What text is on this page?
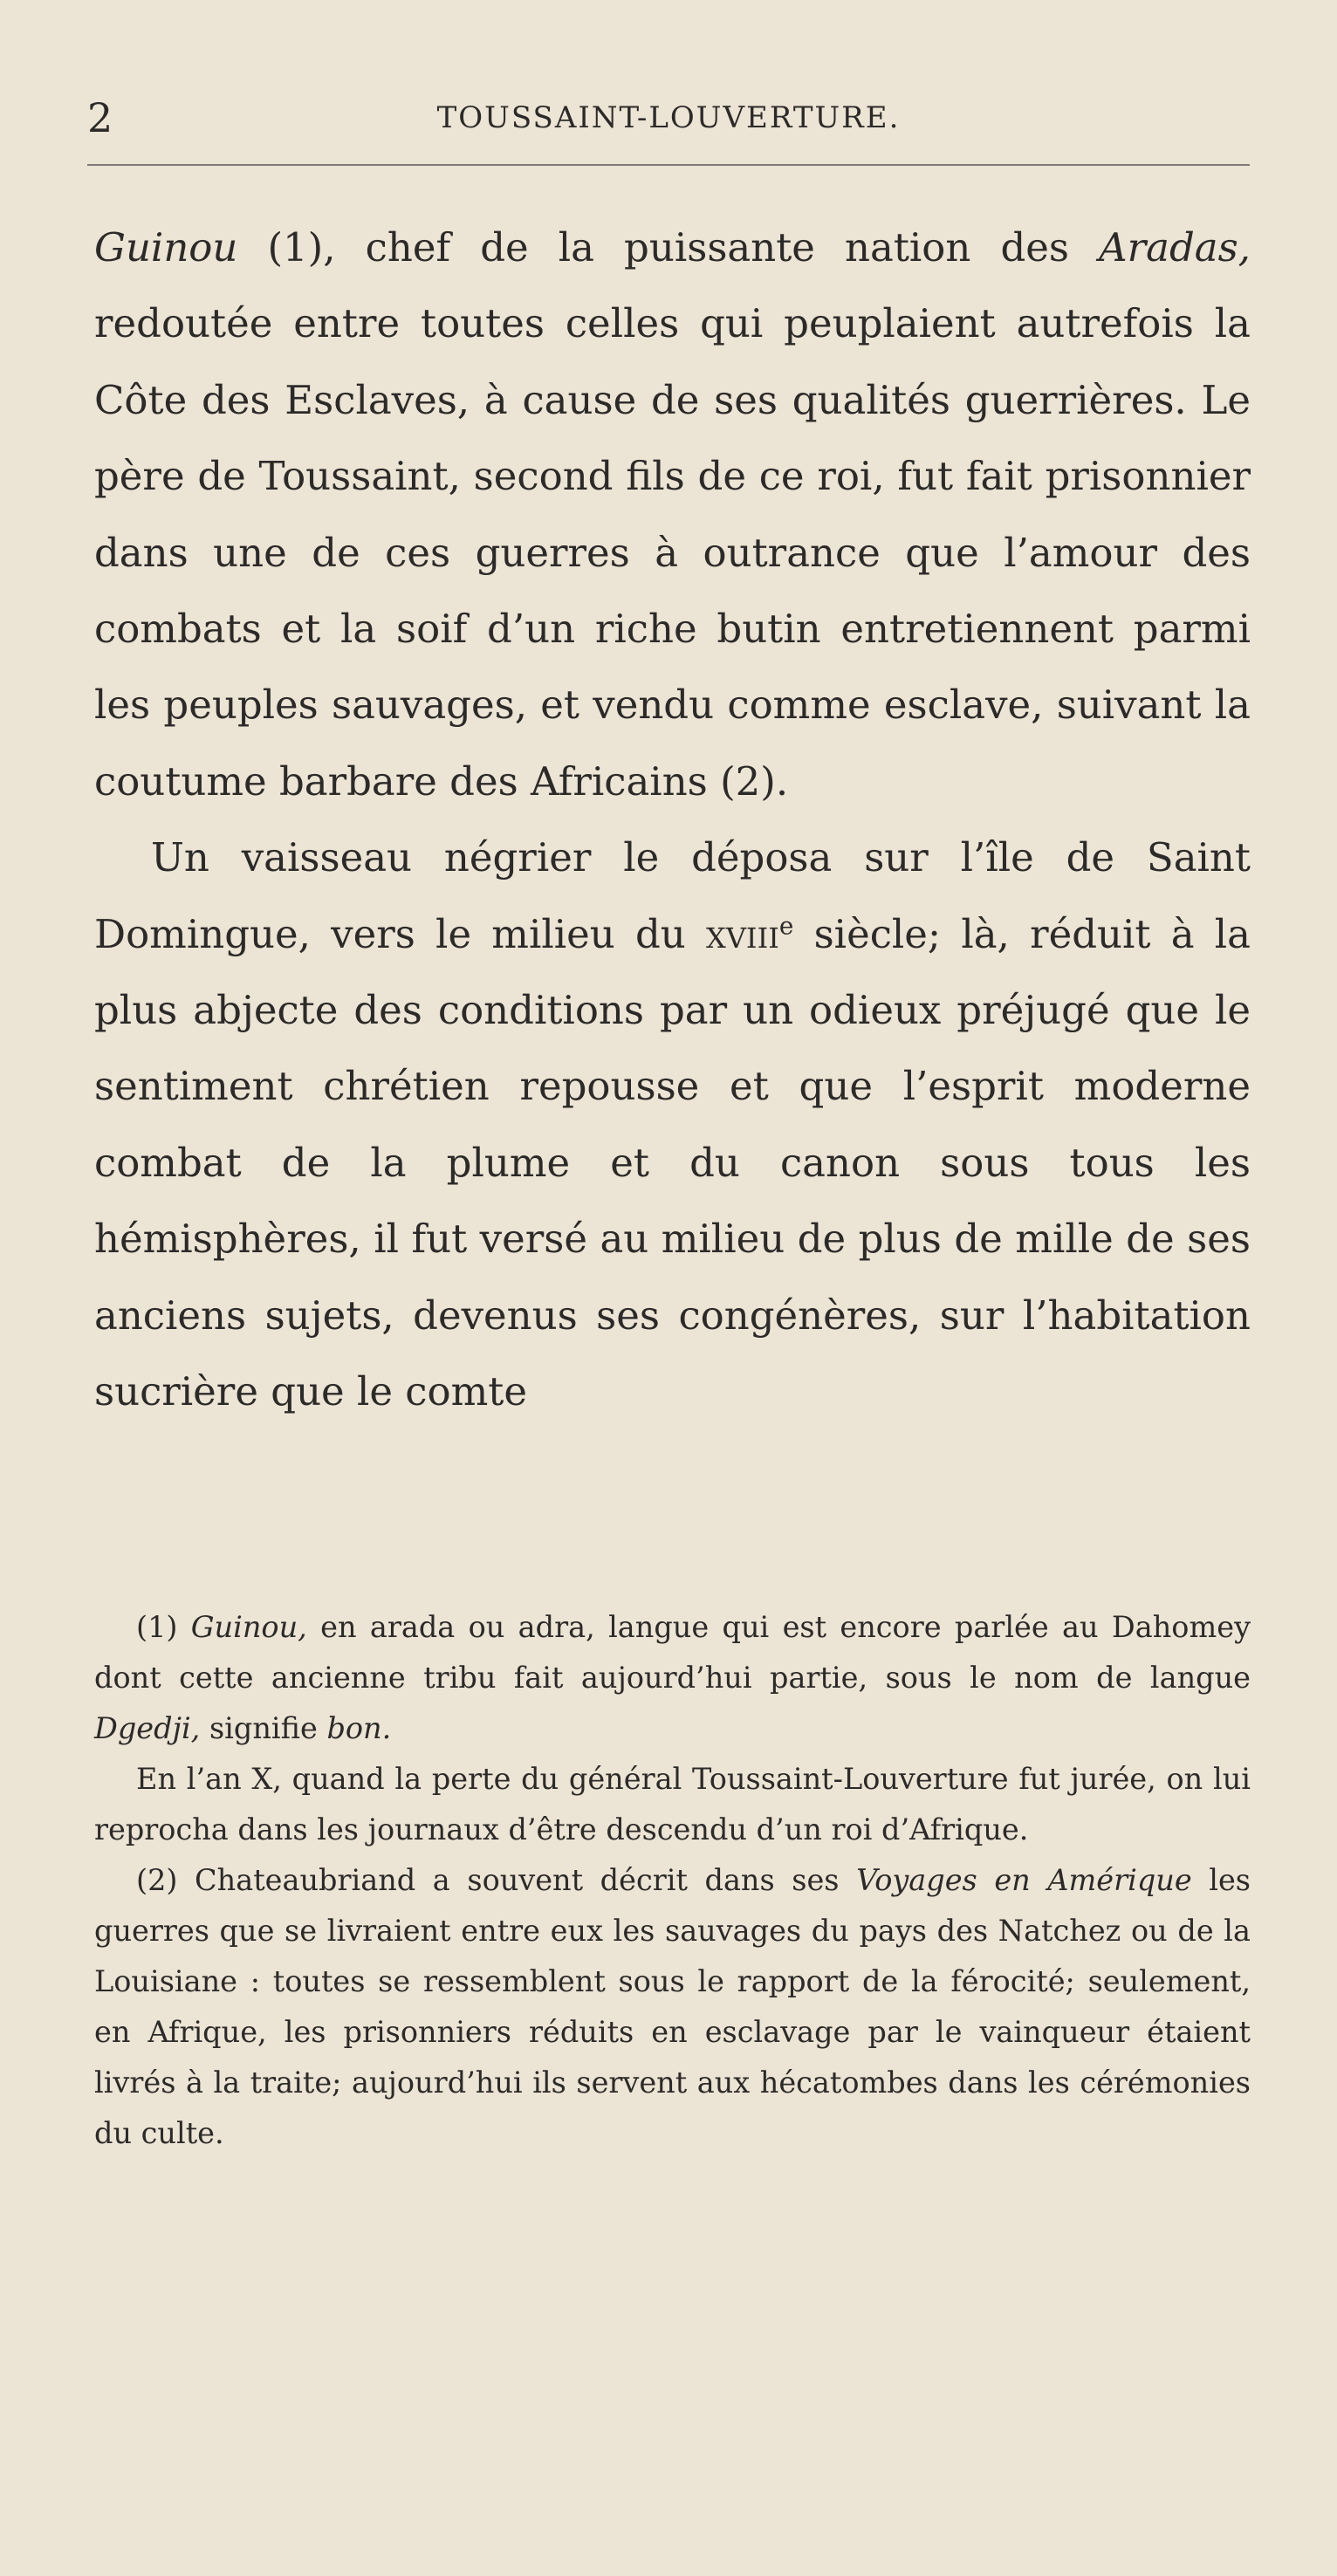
2	TOUSSAINT-LOUVERTURE.

Guinou (1), chef de la puissante nation des Aradas, redoutée entre toutes celles qui peuplaient autrefois la Côte des Esclaves, à cause de ses qualités guerrières. Le père de Toussaint, second fils de ce roi, fut fait prisonnier dans une de ces guerres à outrance que l’amour des combats et la soif d’un riche butin entretiennent parmi les peuples sauvages, et vendu comme esclave, suivant la coutume barbare des Africains (2).

Un vaisseau négrier le déposa sur l’île de Saint Domingue, vers le milieu du xviii$^e$ siècle; là, réduit à la plus abjecte des conditions par un odieux préjugé que le sentiment chrétien repousse et que l’esprit moderne combat de la plume et du canon sous tous les hémisphères, il fut versé au milieu de plus de mille de ses anciens sujets, devenus ses congénères, sur l’habitation sucrière que le comte

(1) Guinou, en arada ou adra, langue qui est encore parlée au Dahomey dont cette ancienne tribu fait aujourd’hui partie, sous le nom de langue Dgedji, signifie bon.

En l’an X, quand la perte du général Toussaint-Louverture fut jurée, on lui reprocha dans les journaux d’être descendu d’un roi d’Afrique.

(2) Chateaubriand a souvent décrit dans ses Voyages en Amérique les guerres que se livraient entre eux les sauvages du pays des Natchez ou de la Louisiane : toutes se ressemblent sous le rapport de la férocité; seulement, en Afrique, les prisonniers réduits en esclavage par le vainqueur étaient livrés à la traite; aujourd’hui ils servent aux hécatombes dans les cérémonies du culte.
